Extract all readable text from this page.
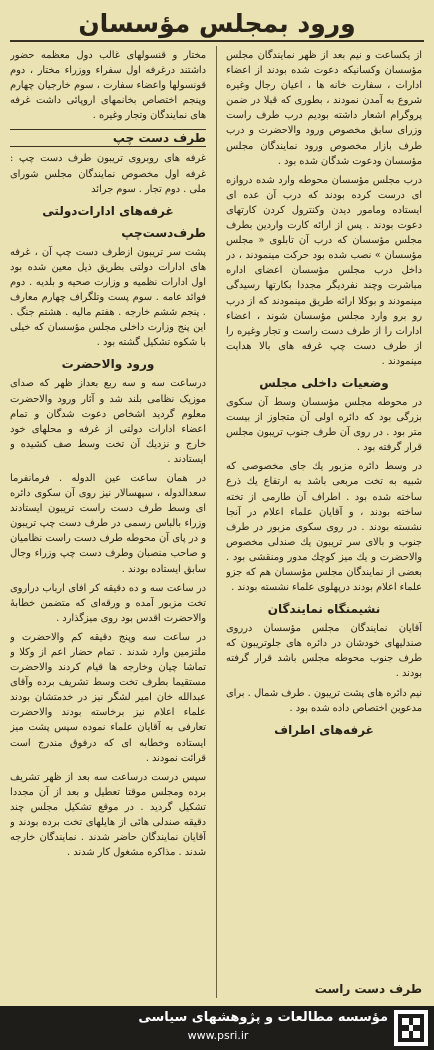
ورود بمجلس مؤسسان

از یکساعت و نیم بعد از ظهر نمایندگان مجلس مؤسسان وکسانیکه دعوت شده بودند از اعضاء ادارات ، سفارت خانه ها ، اعیان رجال وغیره شروع به آمدن نمودند ، بطوری که قبلا در ضمن پروگرام اشعار داشته بودیم درب طرف راست وزرای سابق مخصوص ورود والاحضرت و درب طرف بازار مخصوص ورود نمایندگان مجلس مؤسسان ودعوت شدگان شده بود .

درب مجلس مؤسسان محوطه وارد شده دروازه ای درست کرده بودند که درب آن عده ای ایستاده ومامور دیدن وکنترول کردن کارتهای دعوت بودند . پس از ارائه کارت واردین بطرف مجلس مؤسسان که درب آن تابلوی « مجلس مؤسسان » نصب شده بود حرکت مینمودند ، در داخل درب مجلس مؤسسان اعضای اداره مباشرت وچند نفردیگر مجددا بکارتها رسیدگی مینمودند و بوکلا ارائه طریق مینمودند که از درب رو برو وارد مجلس مؤسسان شوند ، اعضاء ادارات را از طرف دست راست و تجار وغیره را از طرف دست چپ غرفه های بالا هدایت مینمودند .

وضعیات داخلی مجلس

در محوطه مجلس مؤسسان وسط آن سکوی بزرگی بود که دائره اولی آن متجاوز از بیست متر بود . در روی آن طرف جنوب تریبون مجلس قرار گرفته بود .

در وسط دائره مزبور یك جای مخصوصی که شبیه به تخت مربعی باشد به ارتفاع یك ذرع ساخته شده بود . اطراف آن طارمی از تخته ساخته بودند ، و آقایان علماء اعلام در آنجا نشسته بودند . در روی سکوی مزبور در طرف جنوب و بالای سر تریبون یك صندلی مخصوص والاحضرت و یك میز کوچك مدور ومنقشی بود . بعضی از نمایندگان مجلس مؤسسان هم که جزو علماء اعلام بودند درپهلوی علماء نشسته بودند .

نشیمنگاه نمایندگان

آقایان نمایندگان مجلس مؤسسان درروی صندلیهای خودشان در دائره های جلوتریبون که طرف جنوب محوطه مجلس باشد قرار گرفته بودند .

نیم دائره های پشت تریبون . طرف شمال . برای مدعوین اختصاص داده شده بود .

غرفه‌های اطراف
طرف دست راست

مختار و قنسولهای غالب دول معظمه حضور داشتند درغرفه اول سفراء ووزراء مختار ، دوم قونسولها واعضاء سفارت ، سوم خارجیان چهارم وپنجم اختصاص بخانمهای اروپائی داشت غرفه های نمایندگان وتجار وغیره .

طرف دست چپ

غرفه های روبروی تریبون طرف دست چپ : غرفه اول مخصوص نمایندگان مجلس شورای ملی . دوم تجار . سوم جرائد

غرفه‌های ادارات‌دولتی
طرف‌دست‌چپ

پشت سر تریبون ازطرف دست چپ آن ، غرفه های ادارات دولتی بطریق ذیل معین شده بود اول ادارات نظمیه و وزارت صحیه و بلدیه . دوم فوائد عامه . سوم پست وتلگراف چهارم معارف . پنجم ششم خارجه . هفتم مالیه . هشتم جنگ . این پنج وزارت داخلی مجلس مؤسسان که خیلی با شکوه تشکیل گشته بود .

ورود والاحضرت

درساعت سه و سه ربع بعداز ظهر که صدای موزیک نظامی بلند شد و آثار ورود والاحضرت معلوم گردید اشخاص دعوت شدگان و تمام اعضاء ادارات دولتی از غرفه و محلهای خود خارج و نزدیك آن تخت وسط صف کشیده و ایستادند .

در همان ساعت عین الدوله . فرمانفرما سعدالدوله ، سپهسالار نیز روی آن سکوی دائره ای وسط طرف دست راست تریبون ایستادند وزراء بالباس رسمی در طرف دست چپ تریبون و در پای آن محوطه طرف دست راست نظامیان و صاحب منصبان وطرف دست چپ وزراء وجال سابق ایستاده بودند .

در ساعت سه و ده دقیقه کر افای ارباب دراروی تخت مزبور آمده و ورقه‌ای که متضمن خطابهٔ والاحضرت اقدس بود روی میزگذارد .

در ساعت سه وپنج دقیقه کم والاحضرت و ملتزمین وارد شدند . تمام حضار اعم از وکلا و تماشا چیان وخارجه ها قیام کردند والاحضرت مستقیما بطرف تخت وسط تشریف برده وآقای عبدالله خان امیر لشگر نیز در خدمتشان بودند علماء اعلام نیز برخاسته بودند والاحضرت تعارفی به آقایان علماء نموده سپس پشت میز ایستاده وخطابه ای که درفوق مندرج است قرائت نمودند .

سپس درست درساعت سه بعد از ظهر تشریف برده ومجلس موقتا تعطیل و بعد از آن مجددا تشکیل گردید . در موقع تشکیل مجلس چند دقیقه صندلی هائی از هایلهای تخت برده بودند و آقایان نمایندگان حاضر شدند . نمایندگان خارجه شدند . مذاکره مشغول کار شدند .

مؤسسه مطالعات و پژوهشهای سیاسی
www.psri.ir
